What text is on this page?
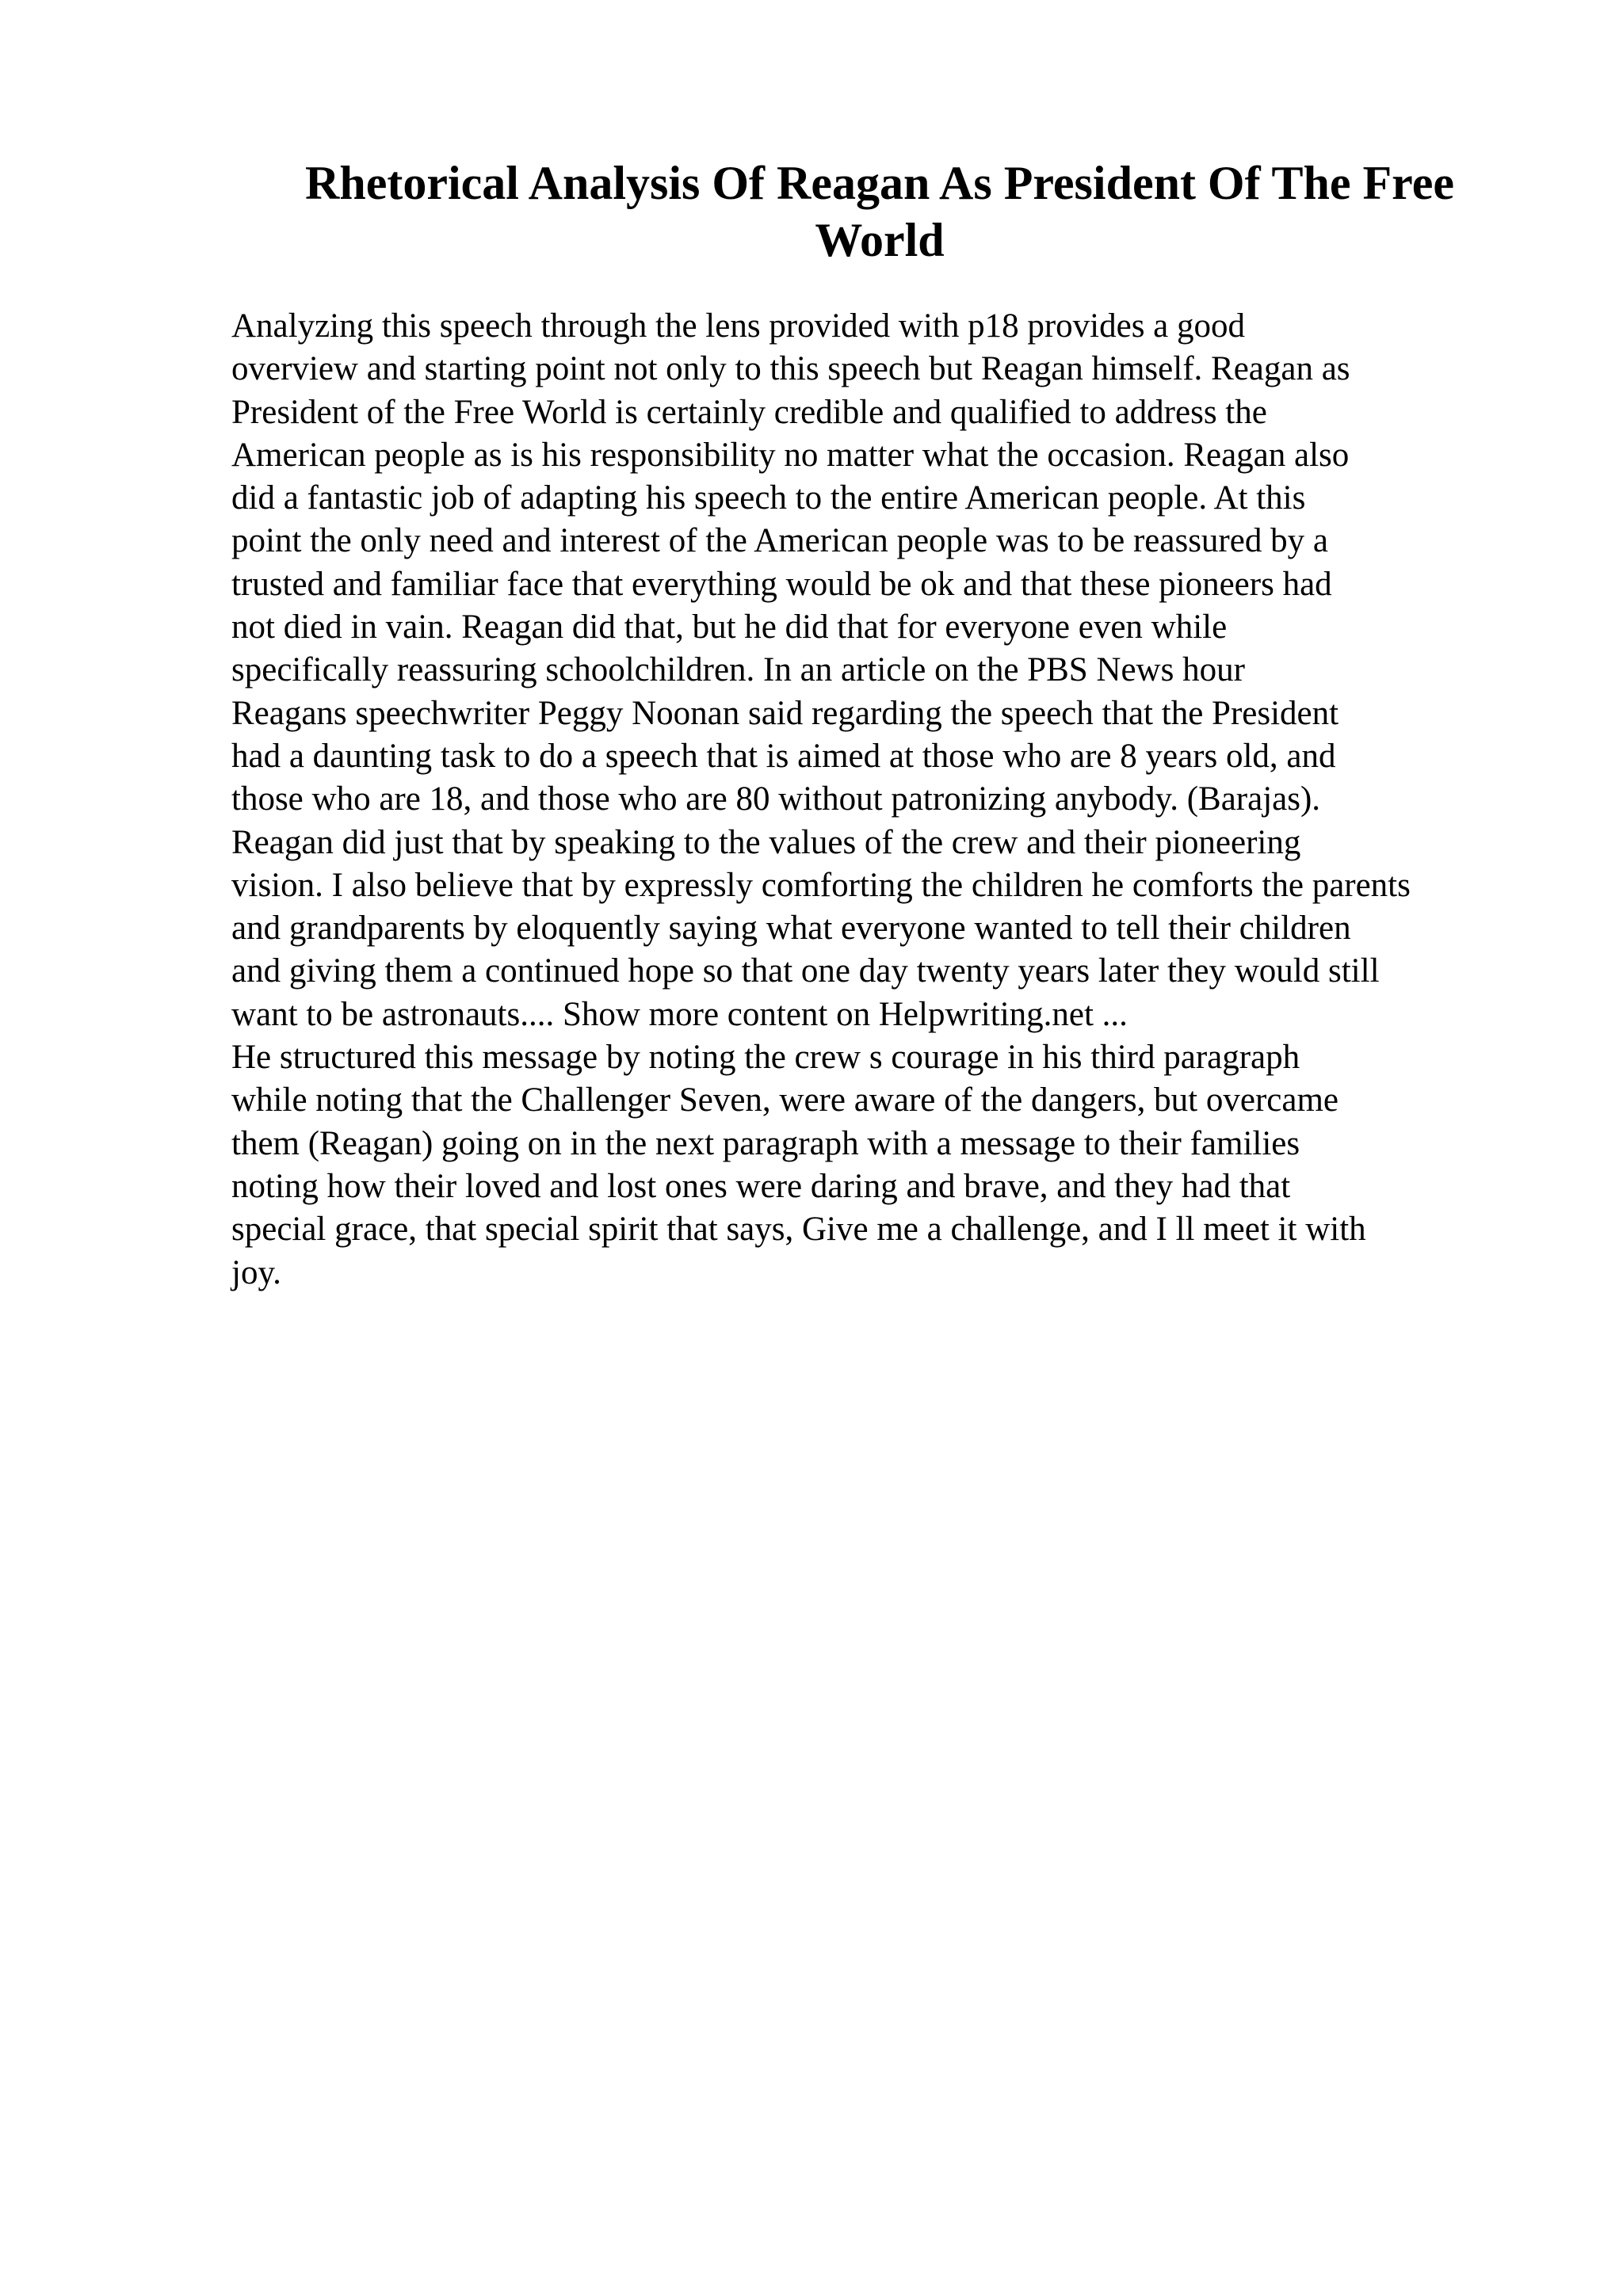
Rhetorical Analysis Of Reagan As President Of The Free
World
Analyzing this speech through the lens provided with p18 provides a good
overview and starting point not only to this speech but Reagan himself. Reagan as
President of the Free World is certainly credible and qualified to address the
American people as is his responsibility no matter what the occasion. Reagan also
did a fantastic job of adapting his speech to the entire American people. At this
point the only need and interest of the American people was to be reassured by a
trusted and familiar face that everything would be ok and that these pioneers had
not died in vain. Reagan did that, but he did that for everyone even while
specifically reassuring schoolchildren. In an article on the PBS News hour
Reagans speechwriter Peggy Noonan said regarding the speech that the President
had a daunting task to do a speech that is aimed at those who are 8 years old, and
those who are 18, and those who are 80 without patronizing anybody. (Barajas).
Reagan did just that by speaking to the values of the crew and their pioneering
vision. I also believe that by expressly comforting the children he comforts the parents
and grandparents by eloquently saying what everyone wanted to tell their children
and giving them a continued hope so that one day twenty years later they would still
want to be astronauts.... Show more content on Helpwriting.net ...
He structured this message by noting the crew s courage in his third paragraph
while noting that the Challenger Seven, were aware of the dangers, but overcame
them (Reagan) going on in the next paragraph with a message to their families
noting how their loved and lost ones were daring and brave, and they had that
special grace, that special spirit that says, Give me a challenge, and I ll meet it with
joy.
